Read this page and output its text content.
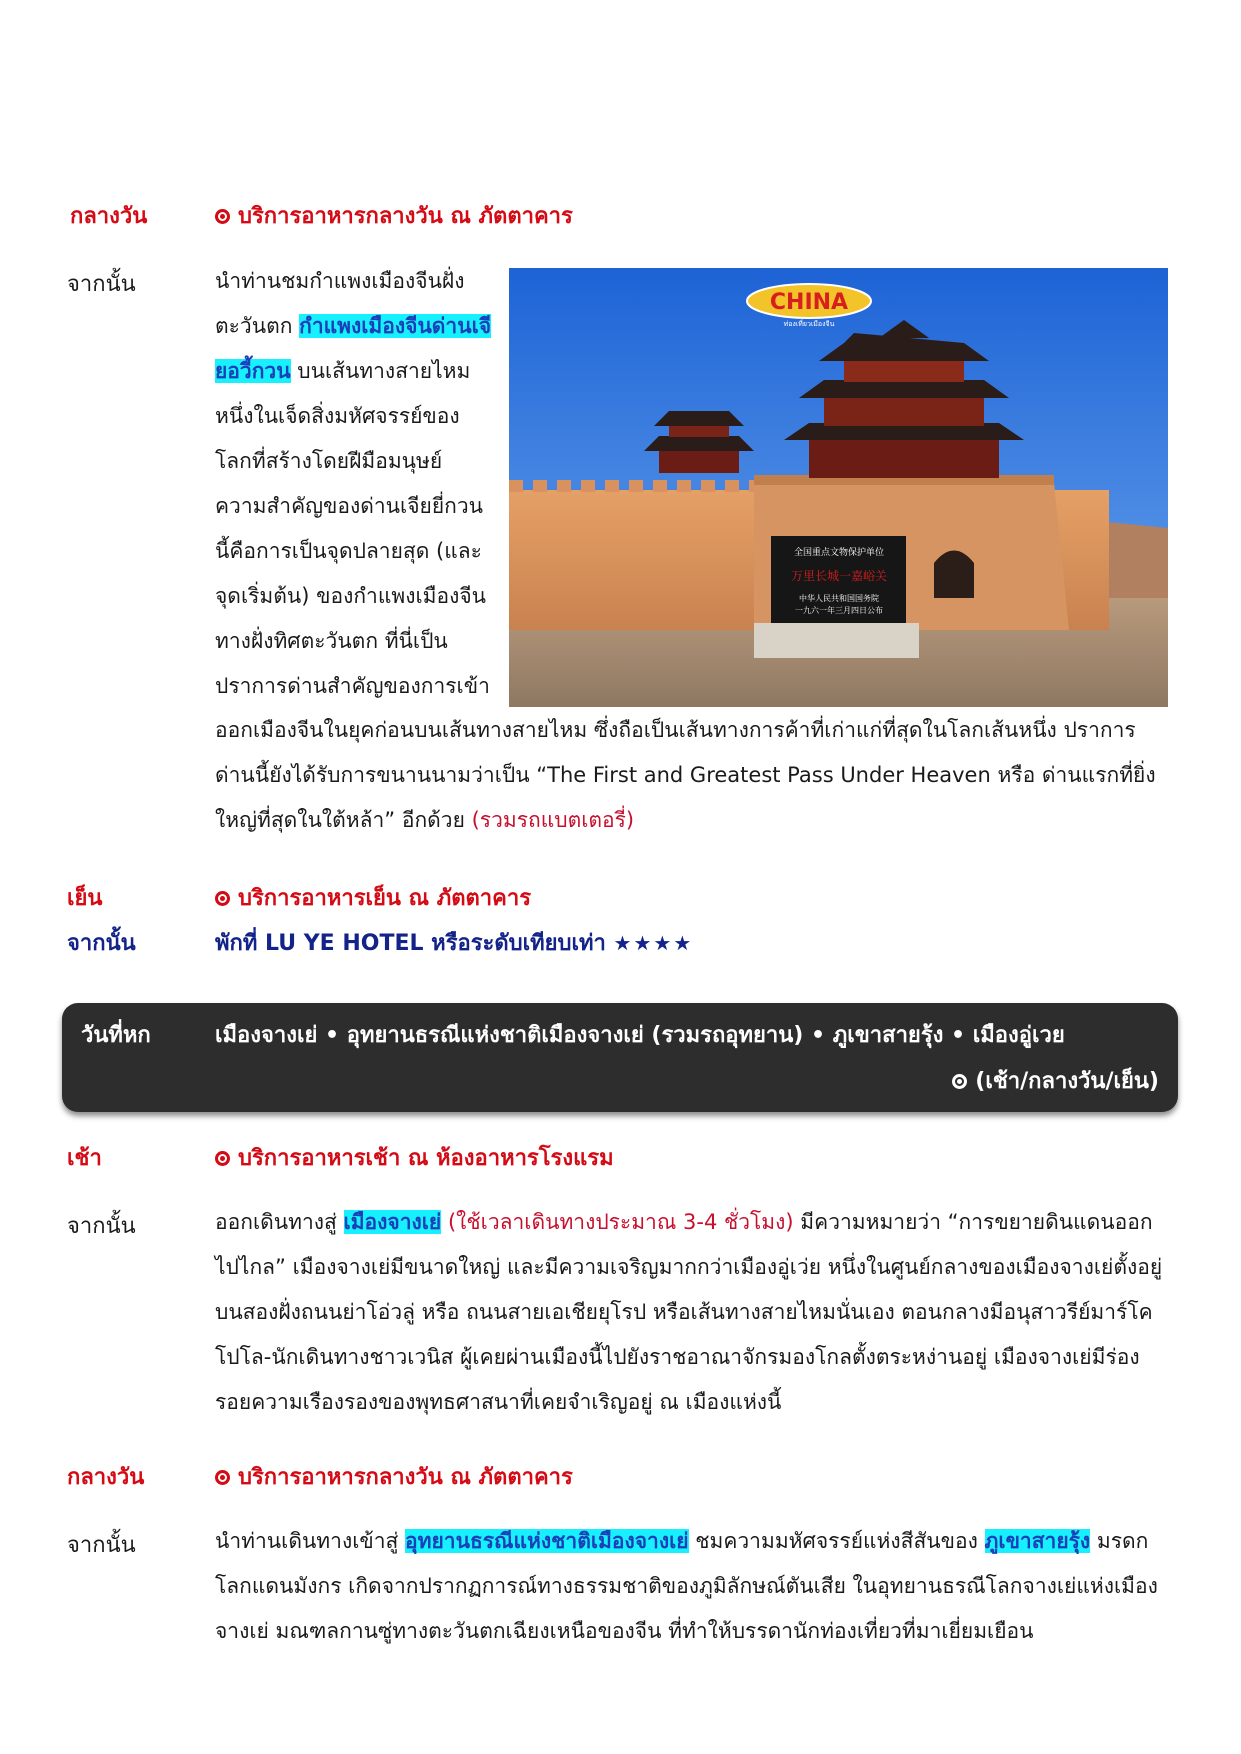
กลางวัน	บริการอาหารกลางวัน ณ ภัตตาคาร
จากนั้น	นำท่านชมกำแพงเมืองจีนฝั่งตะวันตก กำแพงเมืองจีนด่านเจียอวี้กวน บนเส้นทางสายไหม หนึ่งในเจ็ดสิ่งมหัศจรรย์ของโลกที่สร้างโดยฝีมือมนุษย์ ความสำคัญของด่านเจียยี่กวนนี้คือการเป็นจุดปลายสุด (และจุดเริ่มต้น) ของกำแพงเมืองจีนทางฝั่งทิศตะวันตก ที่นี่เป็นปราการด่านสำคัญของการเข้า

全国重点文物保护单位
万里长城一嘉峪关
中华人民共和国国务院
一九六一年三月四日公布
CHINA
ท่องเที่ยวเมืองจีน

ออกเมืองจีนในยุคก่อนบนเส้นทางสายไหม ซึ่งถือเป็นเส้นทางการค้าที่เก่าแก่ที่สุดในโลกเส้นหนึ่ง ปราการด่านนี้ยังได้รับการขนานนามว่าเป็น “The First and Greatest Pass Under Heaven หรือ ด่านแรกที่ยิ่งใหญ่ที่สุดในใต้หล้า” อีกด้วย (รวมรถแบตเตอรี่)

เย็น	บริการอาหารเย็น ณ ภัตตาคาร
จากนั้น	พักที่ LU YE HOTEL หรือระดับเทียบเท่า ★★★★
วันที่หก	เมืองจางเย่ • อุทยานธรณีแห่งชาติเมืองจางเย่ (รวมรถอุทยาน) • ภูเขาสายรุ้ง • เมืองอู่เวย
(เช้า/กลางวัน/เย็น)
เช้า	บริการอาหารเช้า ณ ห้องอาหารโรงแรม
จากนั้น	ออกเดินทางสู่ เมืองจางเย่ (ใช้เวลาเดินทางประมาณ 3-4 ชั่วโมง) มีความหมายว่า “การขยายดินแดนออกไปไกล” เมืองจางเย่มีขนาดใหญ่ และมีความเจริญมากกว่าเมืองอู่เว่ย หนึ่งในศูนย์กลางของเมืองจางเย่ตั้งอยู่บนสองฝั่งถนนย่าโอ่วลู่ หรือ ถนนสายเอเชียยุโรป หรือเส้นทางสายไหมนั่นเอง ตอนกลางมีอนุสาวรีย์มาร์โค โปโล-นักเดินทางชาวเวนิส ผู้เคยผ่านเมืองนี้ไปยังราชอาณาจักรมองโกลตั้งตระหง่านอยู่ เมืองจางเย่มีร่องรอยความเรืองรองของพุทธศาสนาที่เคยจำเริญอยู่ ณ เมืองแห่งนี้

กลางวัน	บริการอาหารกลางวัน ณ ภัตตาคาร
จากนั้น	นำท่านเดินทางเข้าสู่ อุทยานธรณีแห่งชาติเมืองจางเย่ ชมความมหัศจรรย์แห่งสีสันของ ภูเขาสายรุ้ง มรดกโลกแดนมังกร เกิดจากปรากฏการณ์ทางธรรมชาติของภูมิลักษณ์ตันเสีย ในอุทยานธรณีโลกจางเย่แห่งเมืองจางเย่ มณฑลกานซู่ทางตะวันตกเฉียงเหนือของจีน ที่ทำให้บรรดานักท่องเที่ยวที่มาเยี่ยมเยือน
